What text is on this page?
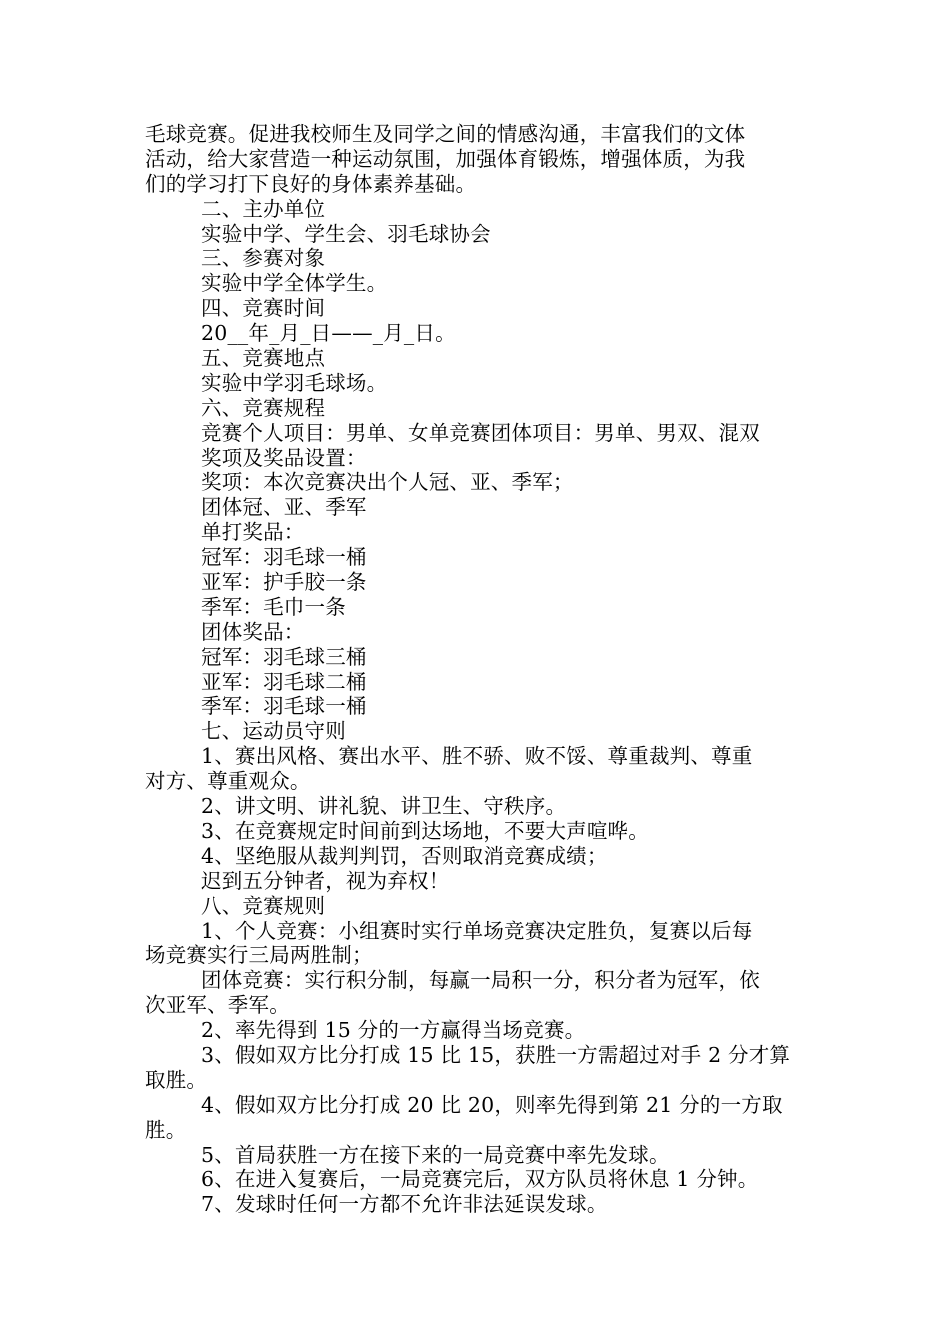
毛球竞赛。促进我校师生及同学之间的情感沟通，丰富我们的文体
活动，给大家营造一种运动氛围，加强体育锻炼，增强体质，为我
们的学习打下良好的身体素养基础。
二、主办单位
实验中学、学生会、羽毛球协会
三、参赛对象
实验中学全体学生。
四、竞赛时间
20__年_月_日——_月_日。
五、竞赛地点
实验中学羽毛球场。
六、竞赛规程
竞赛个人项目：男单、女单竞赛团体项目：男单、男双、混双
奖项及奖品设置：
奖项：本次竞赛决出个人冠、亚、季军；
团体冠、亚、季军
单打奖品：
冠军：羽毛球一桶
亚军：护手胶一条
季军：毛巾一条
团体奖品：
冠军：羽毛球三桶
亚军：羽毛球二桶
季军：羽毛球一桶
七、运动员守则
1、赛出风格、赛出水平、胜不骄、败不馁、尊重裁判、尊重
对方、尊重观众。
2、讲文明、讲礼貌、讲卫生、守秩序。
3、在竞赛规定时间前到达场地，不要大声喧哗。
4、坚绝服从裁判判罚，否则取消竞赛成绩；
迟到五分钟者，视为弃权！
八、竞赛规则
1、个人竞赛：小组赛时实行单场竞赛决定胜负，复赛以后每
场竞赛实行三局两胜制；
团体竞赛：实行积分制，每赢一局积一分，积分者为冠军，依
次亚军、季军。
2、率先得到 15 分的一方赢得当场竞赛。
3、假如双方比分打成 15 比 15，获胜一方需超过对手 2 分才算
取胜。
4、假如双方比分打成 20 比 20，则率先得到第 21 分的一方取
胜。
5、首局获胜一方在接下来的一局竞赛中率先发球。
6、在进入复赛后，一局竞赛完后，双方队员将休息 1 分钟。
7、发球时任何一方都不允许非法延误发球。
